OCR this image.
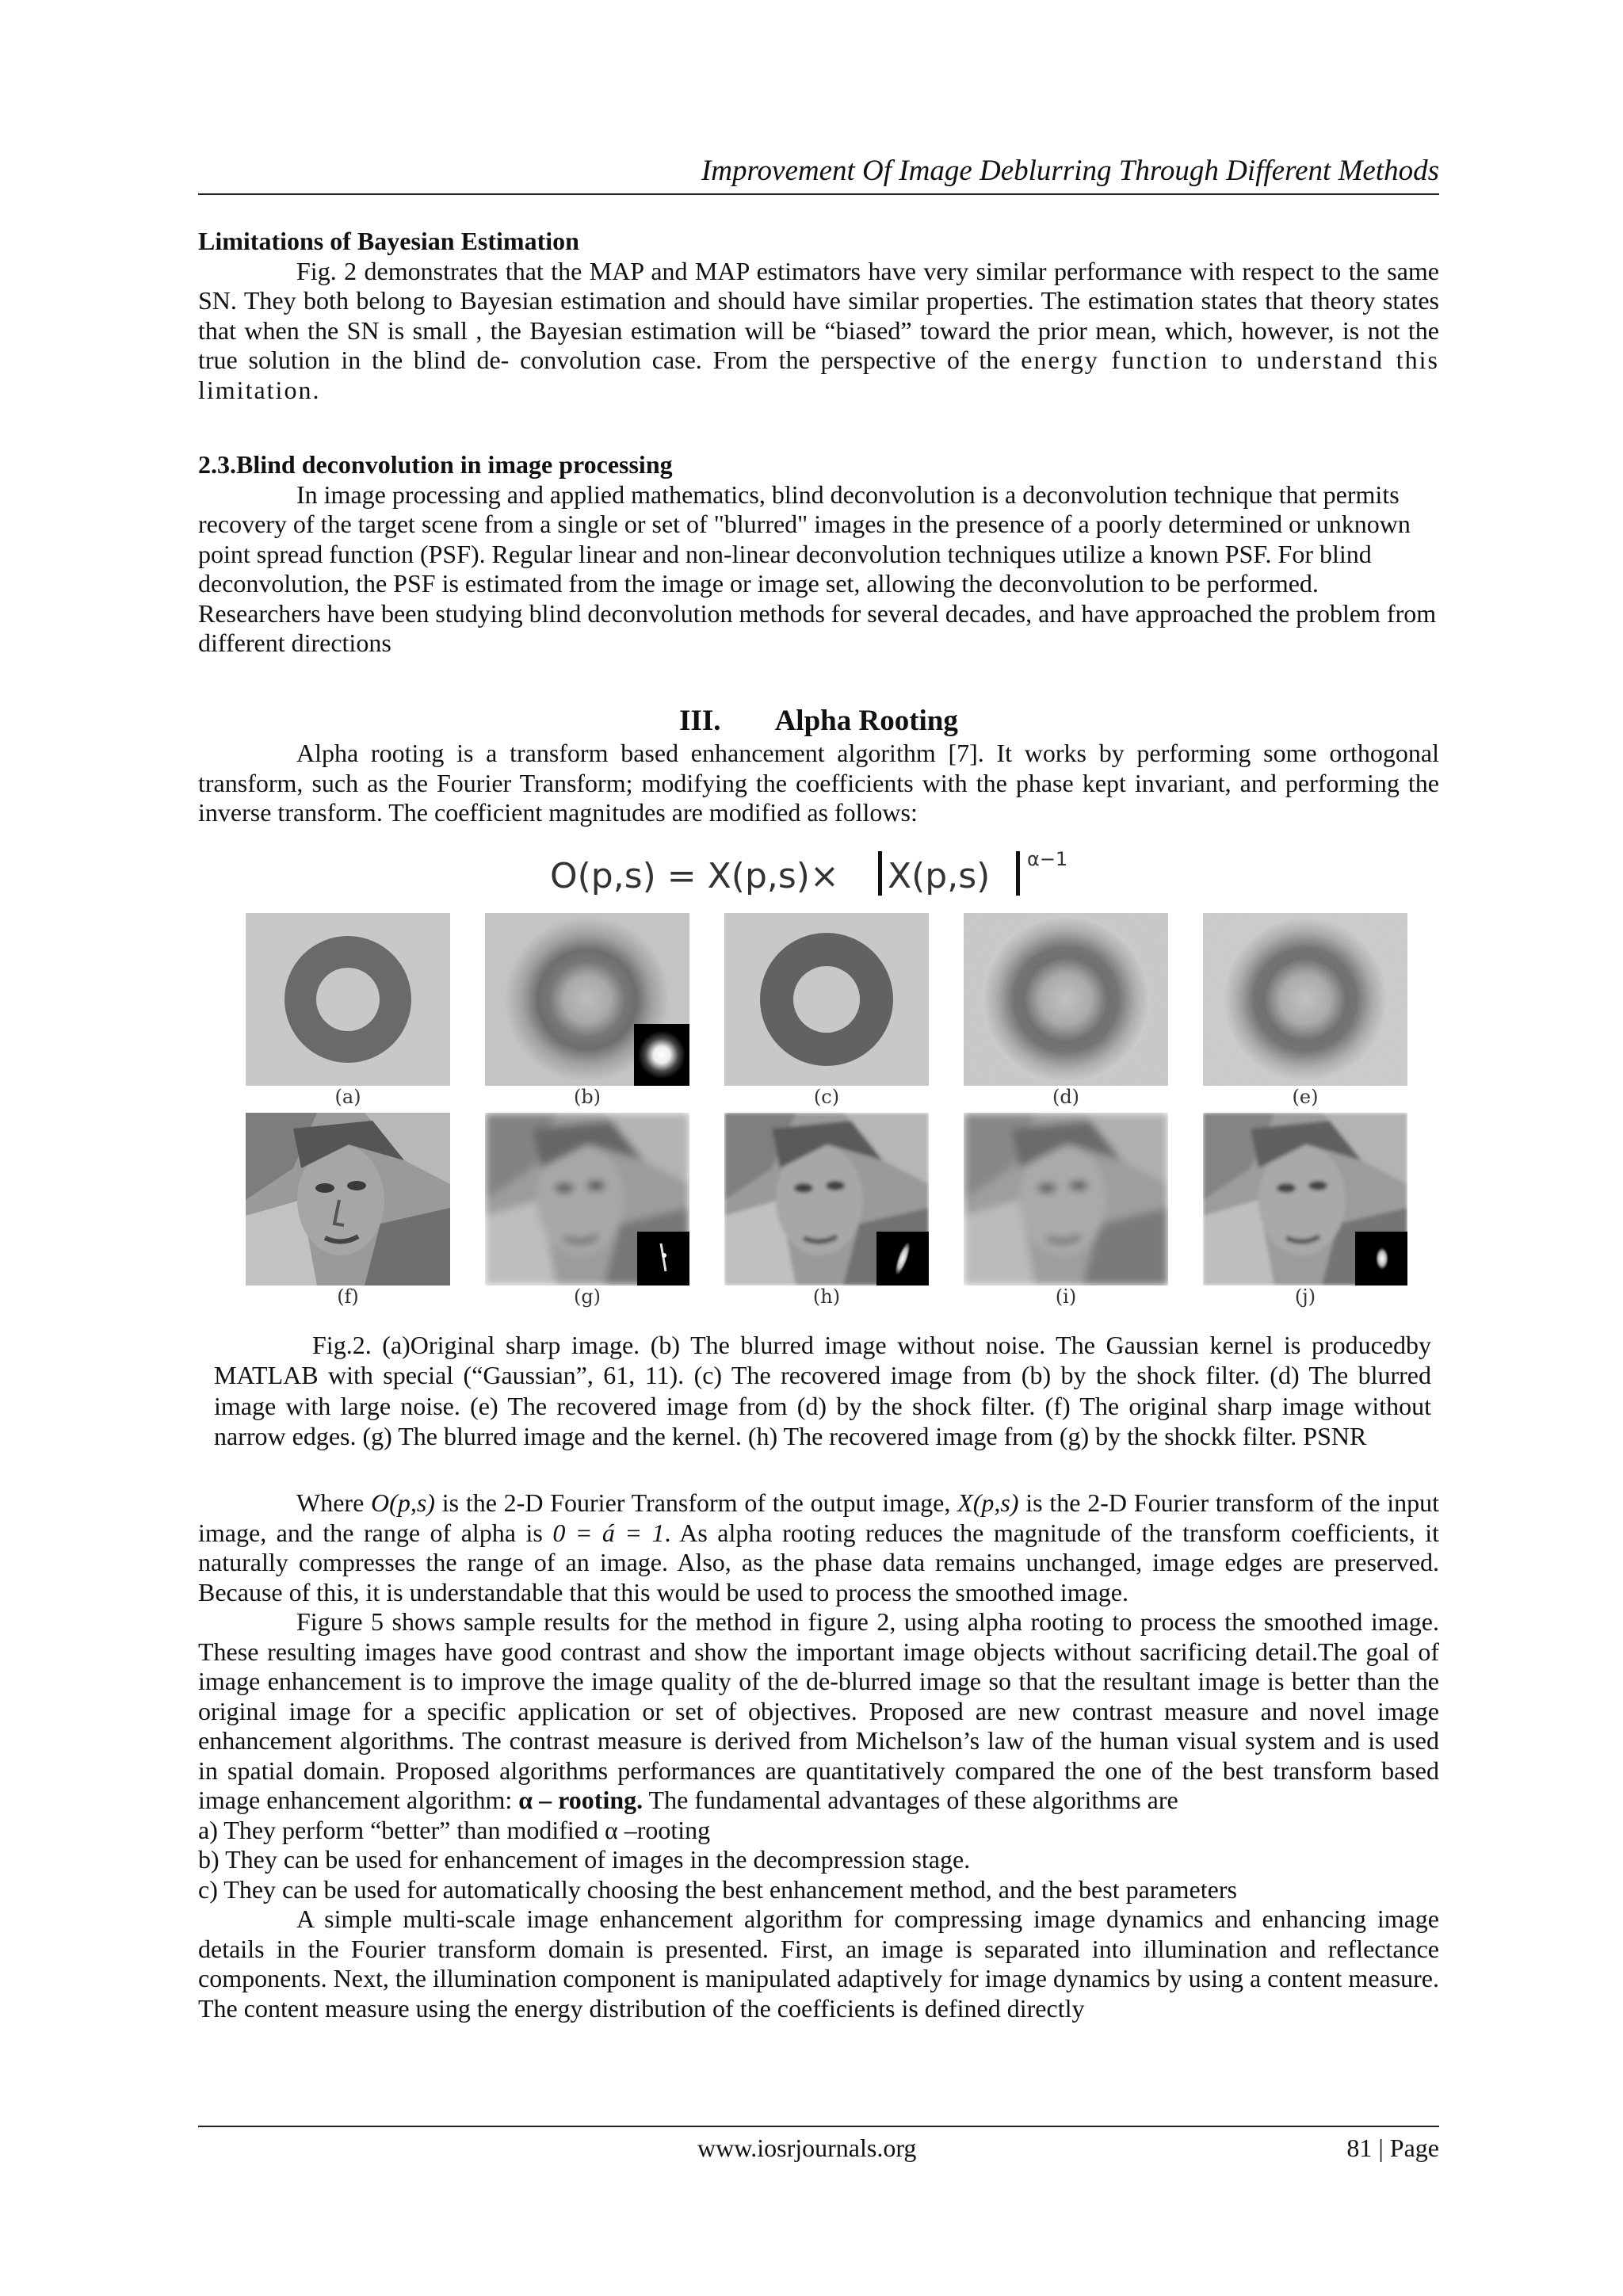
Improvement Of Image Deblurring Through Different Methods

Limitations of Bayesian Estimation

Fig. 2 demonstrates that the MAP and MAP estimators have very similar performance with respect to the same SN. They both belong to Bayesian estimation and should have similar properties. The estimation states that theory states that when the SN is small , the Bayesian estimation will be “biased” toward the prior mean, which, however, is not the true solution in the blind de- convolution case. From the perspective of the energy function to understand this limitation.

2.3.Blind deconvolution in image processing

In image processing and applied mathematics, blind deconvolution is a deconvolution technique that permits recovery of the target scene from a single or set of "blurred" images in the presence of a poorly determined or unknown point spread function (PSF). Regular linear and non-linear deconvolution techniques utilize a known PSF. For blind deconvolution, the PSF is estimated from the image or image set, allowing the deconvolution to be performed. Researchers have been studying blind deconvolution methods for several decades, and have approached the problem from different directions

III. Alpha Rooting

Alpha rooting is a transform based enhancement algorithm [7]. It works by performing some orthogonal transform, such as the Fourier Transform; modifying the coefficients with the phase kept invariant, and performing the inverse transform. The coefficient magnitudes are modified as follows:

O(p,s) = X(p,s)× X(p,s) α−1
(a)	(b)	(c)	(d)	(e)
(f)	(g)	(h)	(i)	(j)

Fig.2. (a)Original sharp image. (b) The blurred image without noise. The Gaussian kernel is producedby MATLAB with special (“Gaussian”, 61, 11). (c) The recovered image from (b) by the shock filter. (d) The blurred image with large noise. (e) The recovered image from (d) by the shock filter. (f) The original sharp image without narrow edges. (g) The blurred image and the kernel. (h) The recovered image from (g) by the shockk filter. PSNR

Where O(p,s) is the 2-D Fourier Transform of the output image, X(p,s) is the 2-D Fourier transform of the input image, and the range of alpha is 0 = á = 1. As alpha rooting reduces the magnitude of the transform coefficients, it naturally compresses the range of an image. Also, as the phase data remains unchanged, image edges are preserved. Because of this, it is understandable that this would be used to process the smoothed image.

Figure 5 shows sample results for the method in figure 2, using alpha rooting to process the smoothed image. These resulting images have good contrast and show the important image objects without sacrificing detail.The goal of image enhancement is to improve the image quality of the de-blurred image so that the resultant image is better than the original image for a specific application or set of objectives. Proposed are new contrast measure and novel image enhancement algorithms. The contrast measure is derived from Michelson’s law of the human visual system and is used in spatial domain. Proposed algorithms performances are quantitatively compared the one of the best transform based image enhancement algorithm: α – rooting. The fundamental advantages of these algorithms are

a) They perform “better” than modified α –rooting

b) They can be used for enhancement of images in the decompression stage.

c) They can be used for automatically choosing the best enhancement method, and the best parameters

A simple multi-scale image enhancement algorithm for compressing image dynamics and enhancing image details in the Fourier transform domain is presented. First, an image is separated into illumination and reflectance components. Next, the illumination component is manipulated adaptively for image dynamics by using a content measure. The content measure using the energy distribution of the coefficients is defined directly

www.iosrjournals.org	81 | Page
